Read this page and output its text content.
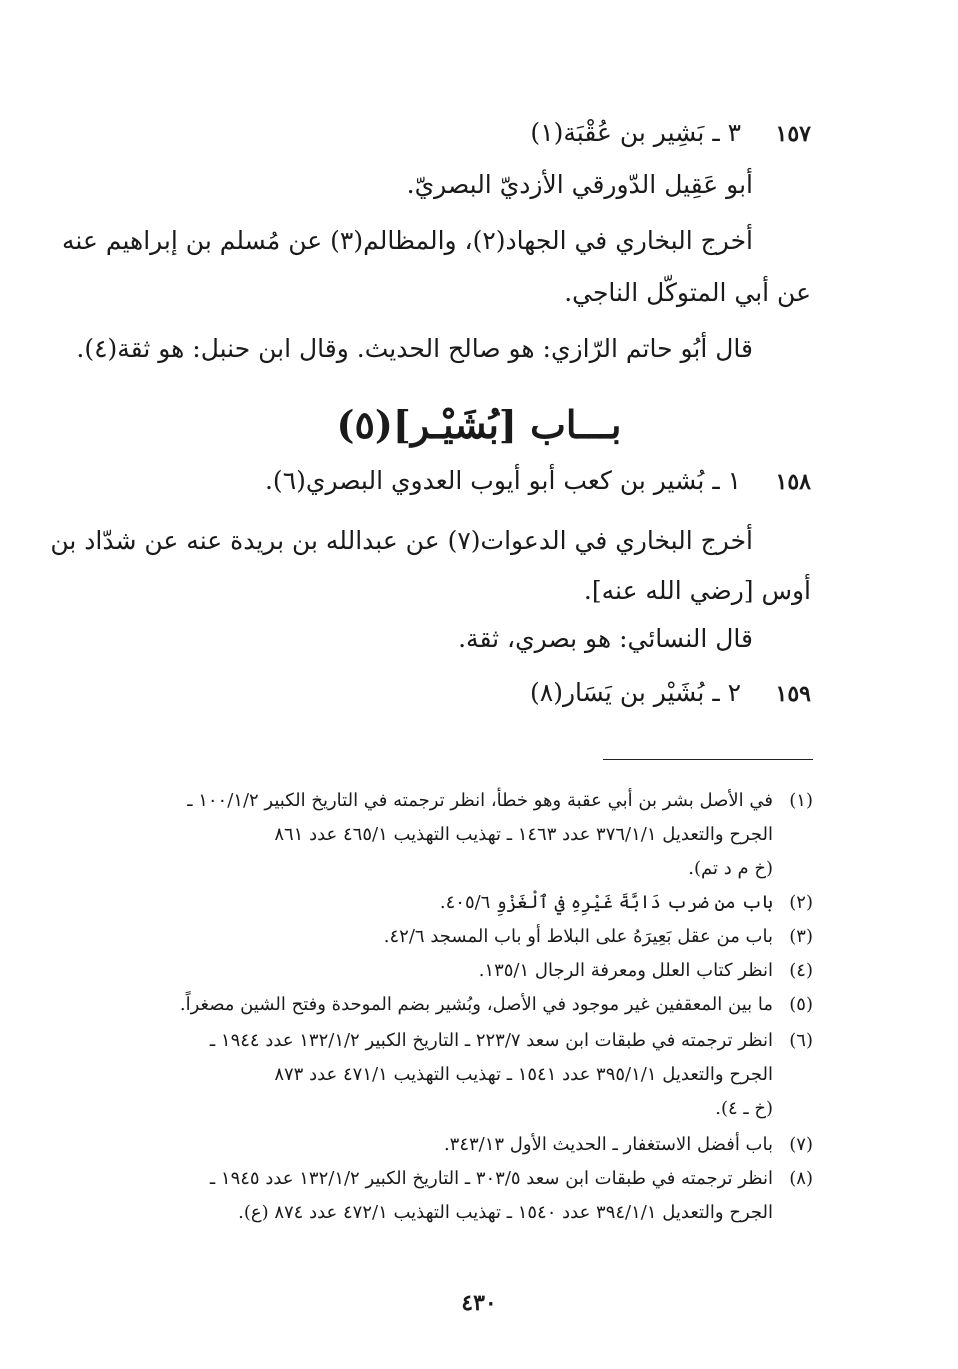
١٥٧ ٣ ـ بَشِير بن عُقْبَة(١)
أبو عَقِيل الدّورقي الأزديّ البصريّ.
أخرج البخاري في الجهاد(٢)، والمظالم(٣) عن مُسلم بن إبراهيم عنه
عن أبي المتوكّل الناجي.
قال أبُو حاتم الرّازي: هو صالح الحديث. وقال ابن حنبل: هو ثقة(٤).
بـــاب [بُشَيْـر](٥)
١٥٨ ١ ـ بُشير بن كعب أبو أيوب العدوي البصري(٦).
أخرج البخاري في الدعوات(٧) عن عبدالله بن بريدة عنه عن شدّاد بن
أوس [رضي الله عنه].
قال النسائي: هو بصري، ثقة.
١٥٩ ٢ ـ بُشَيْر بن يَسَار(٨)
(١)في الأصل بشر بن أبي عقبة وهو خطأ، انظر ترجمته في التاريخ الكبير ١٠٠/١/٢ ـ
الجرح والتعديل ٣٧٦/١/١ عدد ١٤٦٣ ـ تهذيب التهذيب ٤٦٥/١ عدد ٨٦١
(خ م د تم).
(٢)باب من ضرب دَابَّةَ غَيْرِهِ في ٱلْغَزْوِ ٤٠٥/٦.
(٣)باب من عقل بَعِيرَهُ على البلاط أو باب المسجد ٤٢/٦.
(٤)انظر كتاب العلل ومعرفة الرجال ١٣٥/١.
(٥)ما بين المعقفين غير موجود في الأصل، وبُشير بضم الموحدة وفتح الشين مصغراً.
(٦)انظر ترجمته في طبقات ابن سعد ٢٢٣/٧ ـ التاريخ الكبير ١٣٢/١/٢ عدد ١٩٤٤ ـ
الجرح والتعديل ٣٩٥/١/١ عدد ١٥٤١ ـ تهذيب التهذيب ٤٧١/١ عدد ٨٧٣
(خ ـ ٤).
(٧)باب أفضل الاستغفار ـ الحديث الأول ٣٤٣/١٣.
(٨)انظر ترجمته في طبقات ابن سعد ٣٠٣/٥ ـ التاريخ الكبير ١٣٢/١/٢ عدد ١٩٤٥ ـ
الجرح والتعديل ٣٩٤/١/١ عدد ١٥٤٠ ـ تهذيب التهذيب ٤٧٢/١ عدد ٨٧٤ (ع).
٤٣٠
